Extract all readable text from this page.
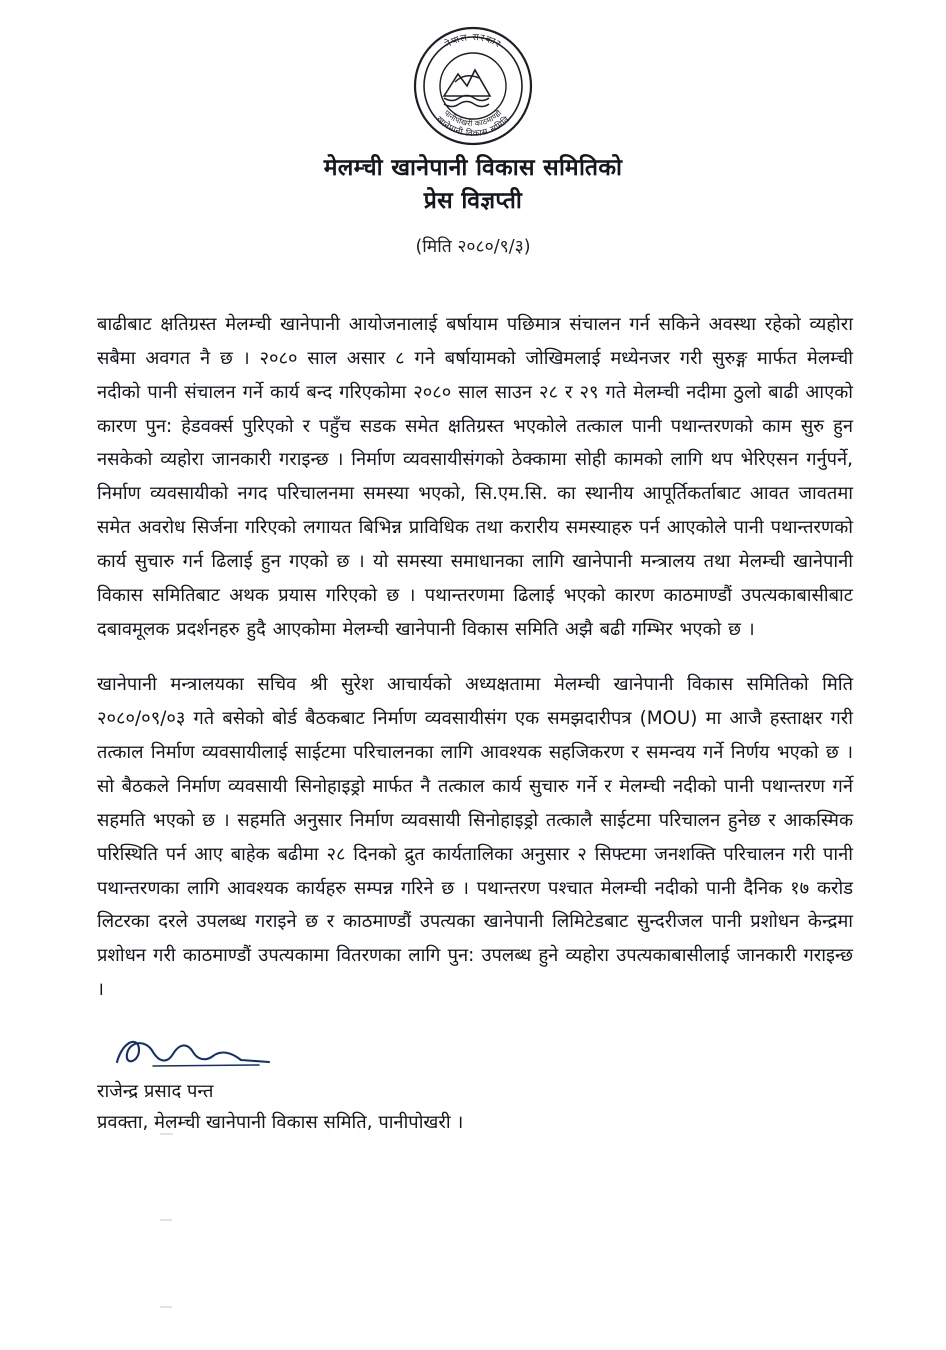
नेपाल सरकार
खानेपानी विकास समिति
पानीपोखरी काठमाण्डौ
मेलम्ची खानेपानी विकास समितिको
प्रेस विज्ञप्ती
(मिति २०८०/९/३)

बाढीबाट क्षतिग्रस्त मेलम्ची खानेपानी आयोजनालाई बर्षायाम पछिमात्र संचालन गर्न सकिने अवस्था रहेको व्यहोरा सबैमा अवगत नै छ । २०८० साल असार ८ गने बर्षायामको जोखिमलाई मध्येनजर गरी सुरुङ्ग मार्फत मेलम्ची नदीको पानी संचालन गर्ने कार्य बन्द गरिएकोमा २०८० साल साउन २८ र २९ गते मेलम्ची नदीमा ठुलो बाढी आएको कारण पुन: हेडवर्क्स पुरिएको र पहुँच सडक समेत क्षतिग्रस्त भएकोले तत्काल पानी पथान्तरणको काम सुरु हुन नसकेको व्यहोरा जानकारी गराइन्छ । निर्माण व्यवसायीसंगको ठेक्कामा सोही कामको लागि थप भेरिएसन गर्नुपर्ने, निर्माण व्यवसायीको नगद परिचालनमा समस्या भएको, सि.एम.सि. का स्थानीय आपूर्तिकर्ताबाट आवत जावतमा समेत अवरोध सिर्जना गरिएको लगायत बिभिन्न प्राविधिक तथा करारीय समस्याहरु पर्न आएकोले पानी पथान्तरणको कार्य सुचारु गर्न ढिलाई हुन गएको छ । यो समस्या समाधानका लागि खानेपानी मन्त्रालय तथा मेलम्ची खानेपानी विकास समितिबाट अथक प्रयास गरिएको छ । पथान्तरणमा ढिलाई भएको कारण काठमाण्डौं उपत्यकाबासीबाट दबावमूलक प्रदर्शनहरु हुदै आएकोमा मेलम्ची खानेपानी विकास समिति अझै बढी गम्भिर भएको छ ।

खानेपानी मन्त्रालयका सचिव श्री सुरेश आचार्यको अध्यक्षतामा मेलम्ची खानेपानी विकास समितिको मिति २०८०/०९/०३ गते बसेको बोर्ड बैठकबाट निर्माण व्यवसायीसंग एक समझदारीपत्र (MOU) मा आजै हस्ताक्षर गरी तत्काल निर्माण व्यवसायीलाई साईटमा परिचालनका लागि आवश्यक सहजिकरण र समन्वय गर्ने निर्णय भएको छ । सो बैठकले निर्माण व्यवसायी सिनोहाइड्रो मार्फत नै तत्काल कार्य सुचारु गर्ने र मेलम्ची नदीको पानी पथान्तरण गर्ने सहमति भएको छ । सहमति अनुसार निर्माण व्यवसायी सिनोहाइड्रो तत्कालै साईटमा परिचालन हुनेछ र आकस्मिक परिस्थिति पर्न आए बाहेक बढीमा २८ दिनको द्रुत कार्यतालिका अनुसार २ सिफ्टमा जनशक्ति परिचालन गरी पानी पथान्तरणका लागि आवश्यक कार्यहरु सम्पन्न गरिने छ । पथान्तरण पश्चात मेलम्ची नदीको पानी दैनिक १७ करोड लिटरका दरले उपलब्ध गराइने छ र काठमाण्डौं उपत्यका खानेपानी लिमिटेडबाट सुन्दरीजल पानी प्रशोधन केन्द्रमा प्रशोधन गरी काठमाण्डौं उपत्यकामा वितरणका लागि पुन: उपलब्ध हुने व्यहोरा उपत्यकाबासीलाई जानकारी गराइन्छ ।

राजेन्द्र प्रसाद पन्त
प्रवक्ता, मेलम्ची खानेपानी विकास समिति, पानीपोखरी ।
